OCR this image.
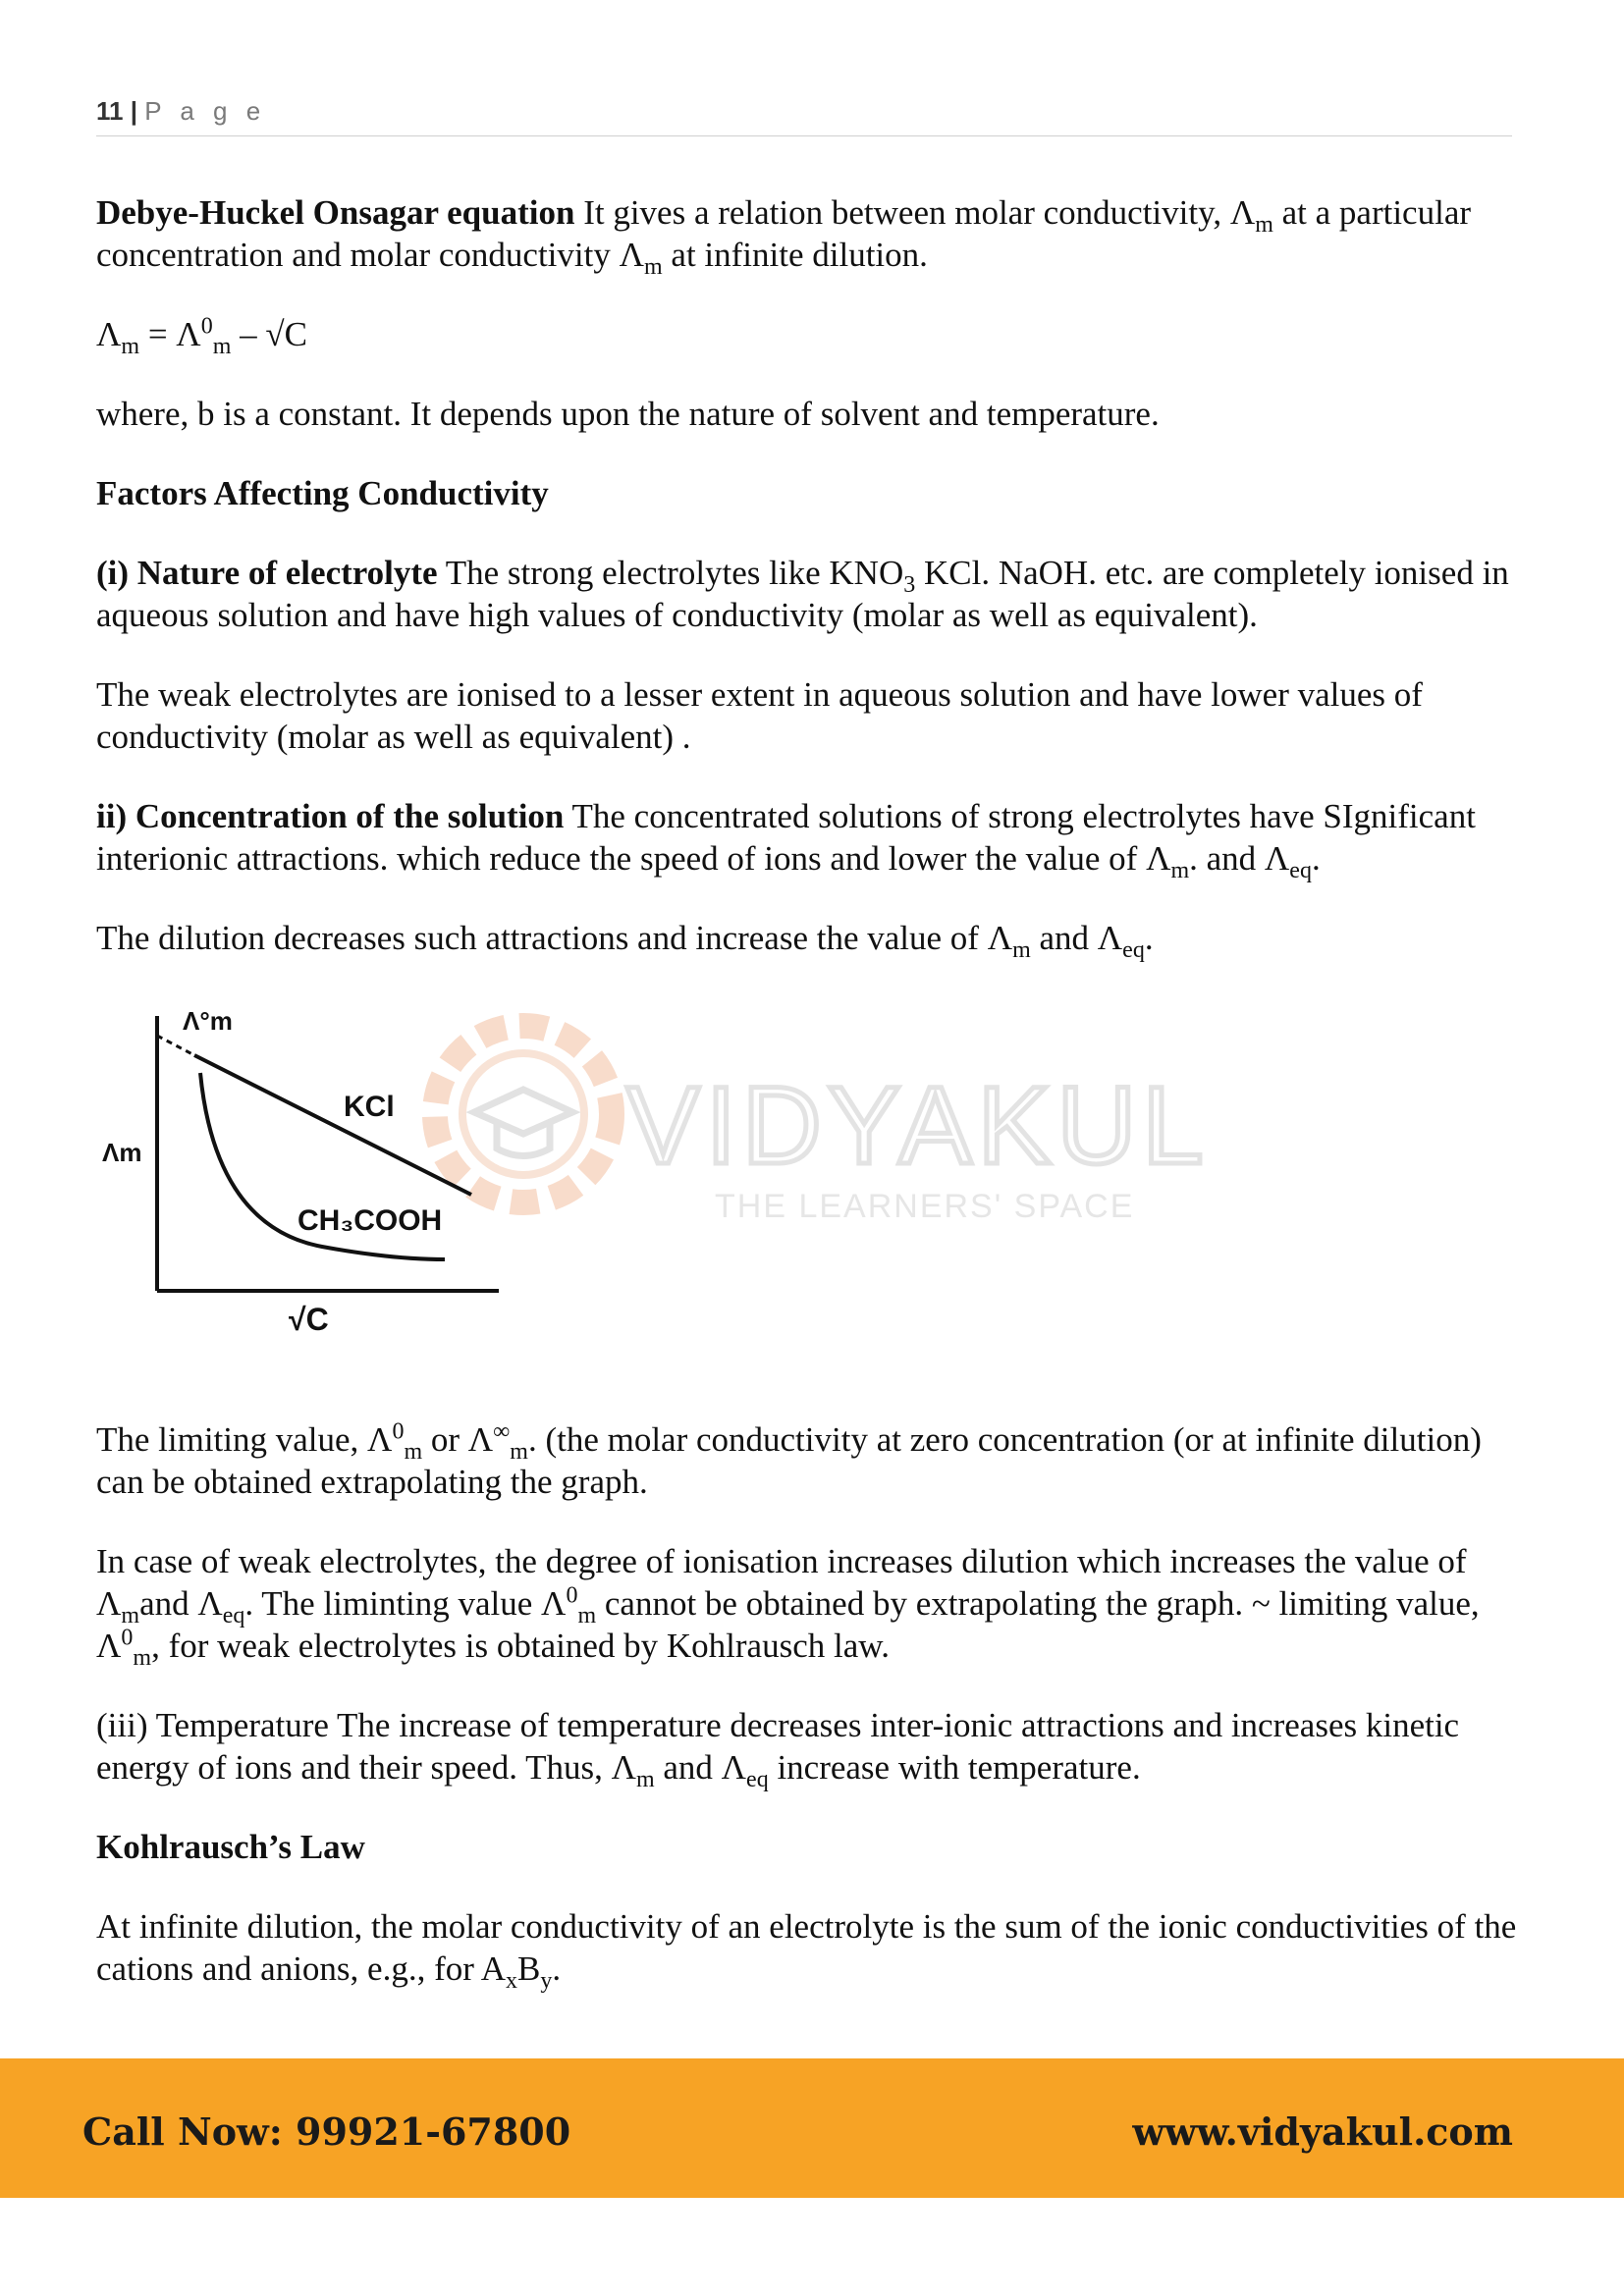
11 | P a g e

Debye-Huckel Onsagar equation It gives a relation between molar conductivity, $\Lambda_m$ at a particular concentration and molar conductivity $\Lambda_m$ at infinite dilution.

$\Lambda_m = \Lambda^0_m - √C$

where, b is a constant. It depends upon the nature of solvent and temperature.

Factors Affecting Conductivity

(i) Nature of electrolyte The strong electrolytes like $KNO_3$ KCl. NaOH. etc. are completely ionised in aqueous solution and have high values of conductivity (molar as well as equivalent).

The weak electrolytes are ionised to a lesser extent in aqueous solution and have lower values of conductivity (molar as well as equivalent) .

ii) Concentration of the solution The concentrated solutions of strong electrolytes have SIgnificant interionic attractions. which reduce the speed of ions and lower the value of $\Lambda_m$. and $\Lambda_{eq}$.

The dilution decreases such attractions and increase the value of $\Lambda_m$ and $\Lambda_{eq}$.

VIDYAKUL
THE LEARNERS' SPACE
Λ°m
Λm
KCl
CH₃COOH
√C

The limiting value, $\Lambda^0_m$ or $\Lambda^\infty_m$. (the molar conductivity at zero concentration (or at infinite dilution) can be obtained extrapolating the graph.

In case of weak electrolytes, the degree of ionisation increases dilution which increases the value of $\Lambda_mand$ $\Lambda_{eq}$. The liminting value $\Lambda^0_m$ cannot be obtained by extrapolating the graph. ~ limiting value, $\Lambda^0_m$, for weak electrolytes is obtained by Kohlrausch law.

(iii) Temperature The increase of temperature decreases inter-ionic attractions and increases kinetic energy of ions and their speed. Thus, $\Lambda_m$ and $\Lambda_{eq}$ increase with temperature.

Kohlrausch’s Law

At infinite dilution, the molar conductivity of an electrolyte is the sum of the ionic conductivities of the cations and anions, e.g., for $A_xB_y$.

Call Now: 99921-67800	www.vidyakul.com
